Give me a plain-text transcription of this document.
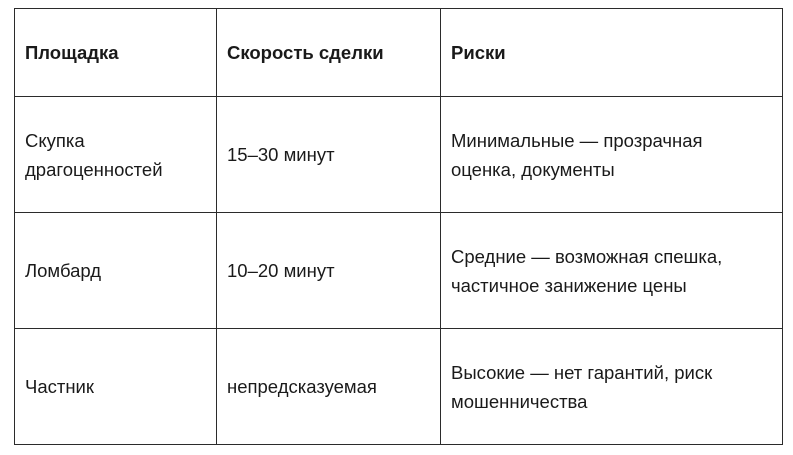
Площадка	Скорость сделки	Риски
Скупка драгоценностей	15–30 минут	Минимальные — прозрачная оценка, документы
Ломбард	10–20 минут	Средние — возможная спешка, частичное занижение цены
Частник	непредсказуемая	Высокие — нет гарантий, риск мошенничества
